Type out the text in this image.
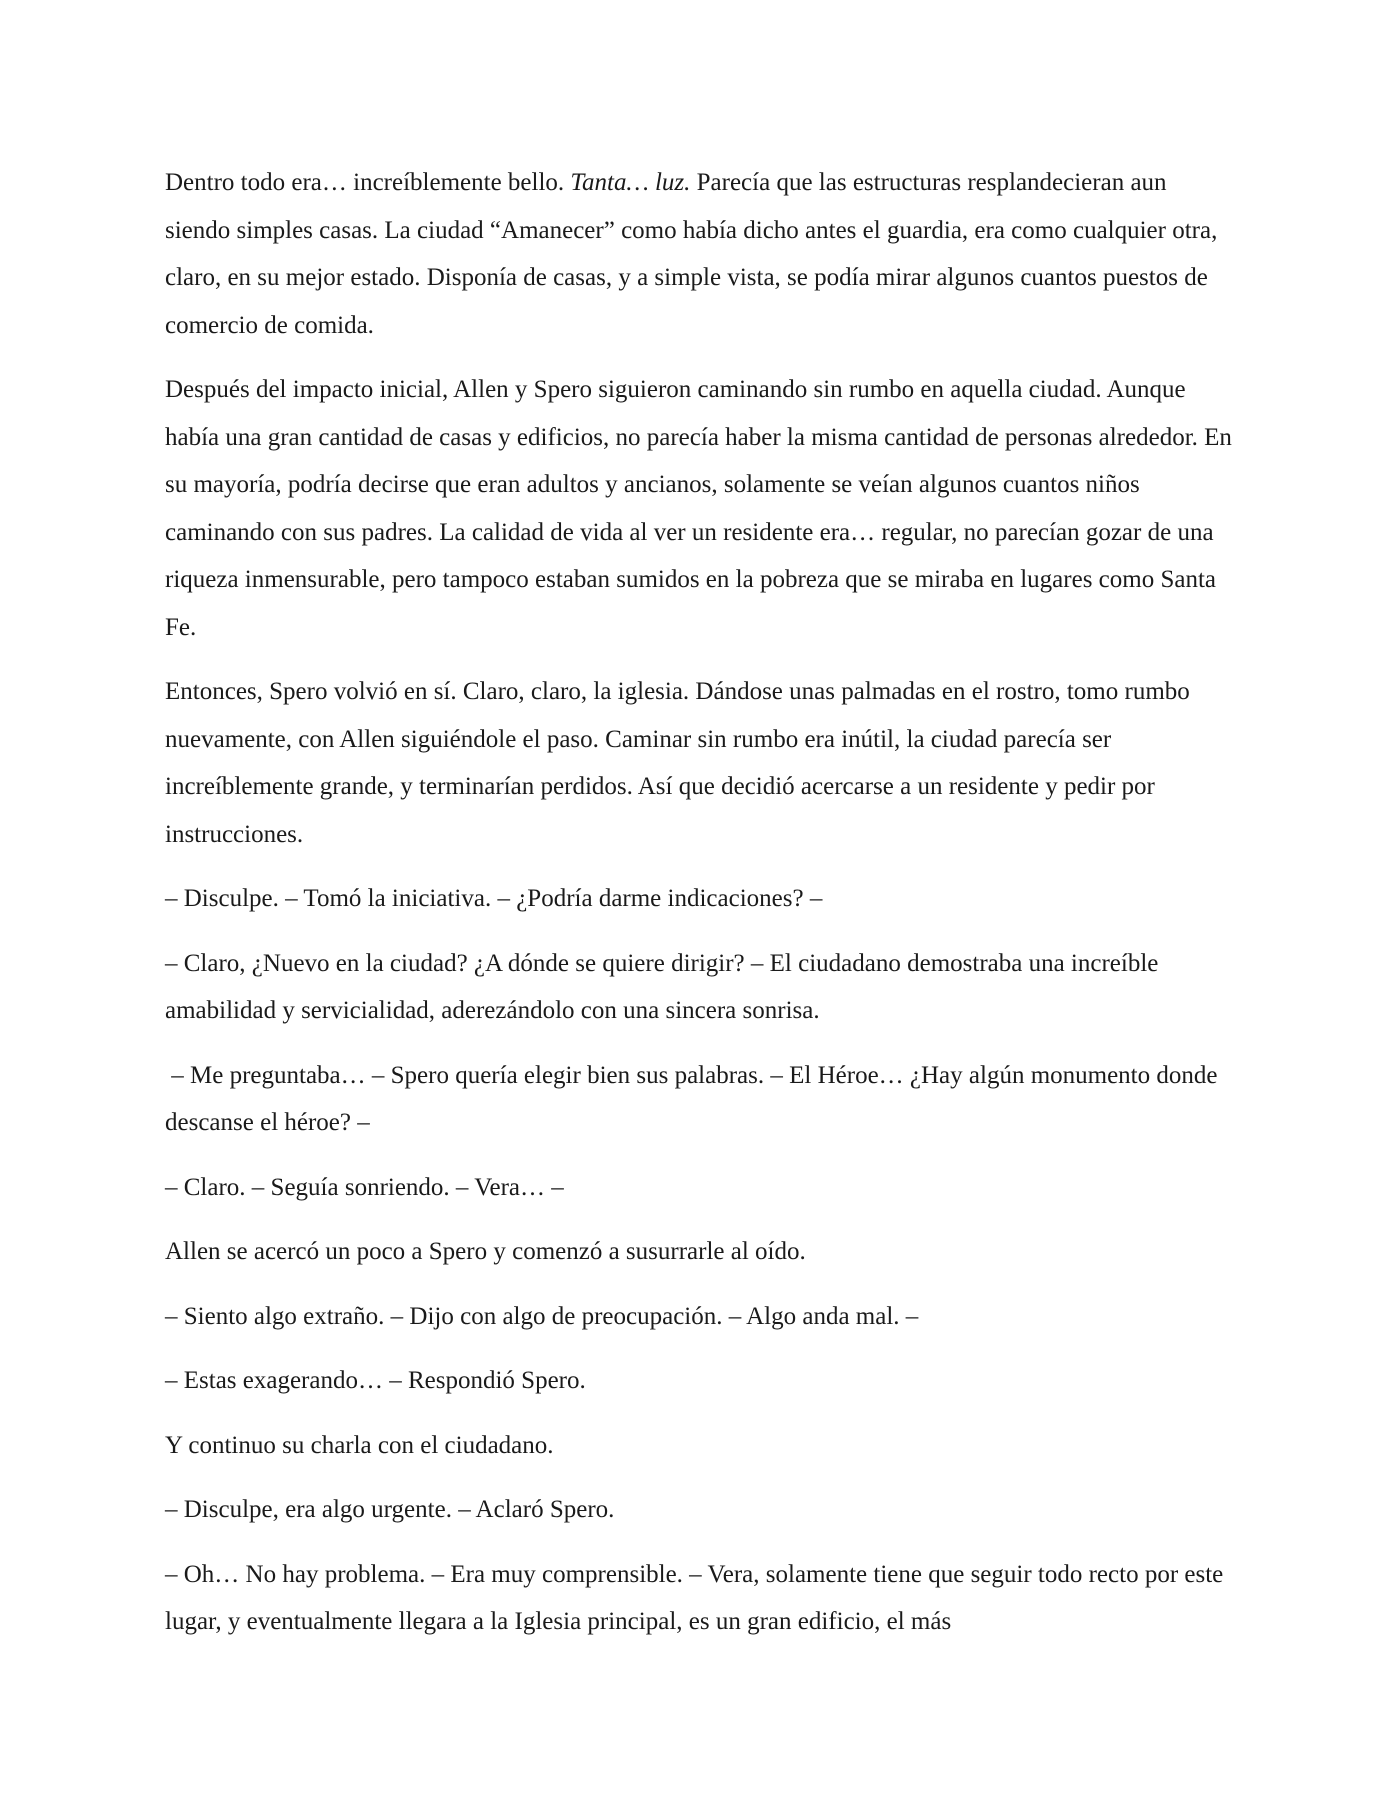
Dentro todo era… increíblemente bello. Tanta… luz. Parecía que las estructuras resplandecieran aun siendo simples casas. La ciudad “Amanecer” como había dicho antes el guardia, era como cualquier otra, claro, en su mejor estado. Disponía de casas, y a simple vista, se podía mirar algunos cuantos puestos de comercio de comida.

Después del impacto inicial, Allen y Spero siguieron caminando sin rumbo en aquella ciudad. Aunque había una gran cantidad de casas y edificios, no parecía haber la misma cantidad de personas alrededor. En su mayoría, podría decirse que eran adultos y ancianos, solamente se veían algunos cuantos niños caminando con sus padres. La calidad de vida al ver un residente era… regular, no parecían gozar de una riqueza inmensurable, pero tampoco estaban sumidos en la pobreza que se miraba en lugares como Santa Fe.

Entonces, Spero volvió en sí. Claro, claro, la iglesia. Dándose unas palmadas en el rostro, tomo rumbo nuevamente, con Allen siguiéndole el paso. Caminar sin rumbo era inútil, la ciudad parecía ser increíblemente grande, y terminarían perdidos. Así que decidió acercarse a un residente y pedir por instrucciones.

– Disculpe. – Tomó la iniciativa. – ¿Podría darme indicaciones? –

– Claro, ¿Nuevo en la ciudad? ¿A dónde se quiere dirigir? – El ciudadano demostraba una increíble amabilidad y servicialidad, aderezándolo con una sincera sonrisa.

– Me preguntaba… – Spero quería elegir bien sus palabras. – El Héroe… ¿Hay algún monumento donde descanse el héroe? –

– Claro. – Seguía sonriendo. – Vera… –

Allen se acercó un poco a Spero y comenzó a susurrarle al oído.

– Siento algo extraño. – Dijo con algo de preocupación. – Algo anda mal. –

– Estas exagerando… – Respondió Spero.

Y continuo su charla con el ciudadano.

– Disculpe, era algo urgente. – Aclaró Spero.

– Oh… No hay problema. – Era muy comprensible. – Vera, solamente tiene que seguir todo recto por este lugar, y eventualmente llegara a la Iglesia principal, es un gran edificio, el más
